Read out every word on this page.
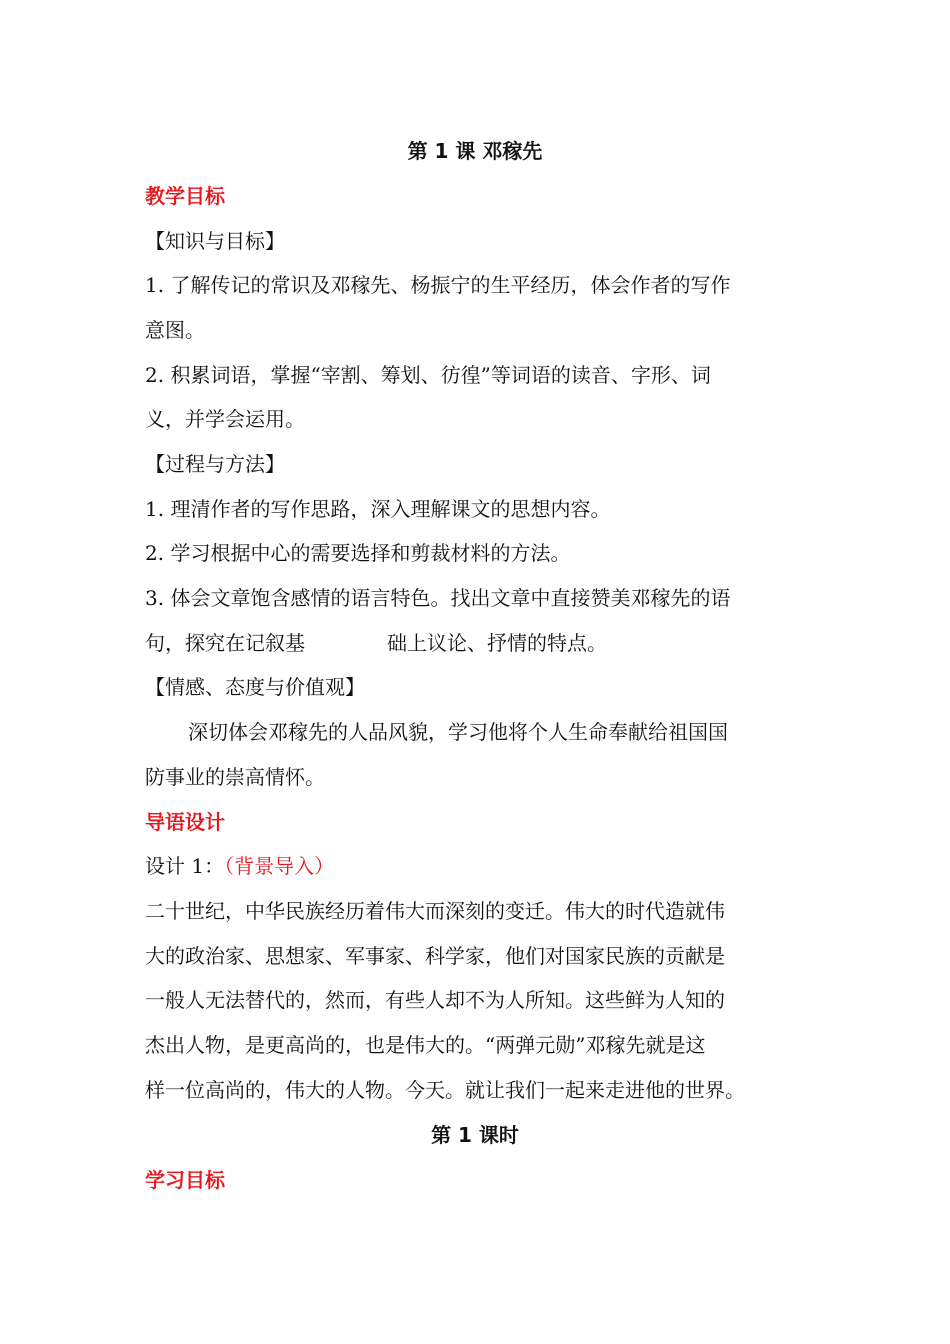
第 1 课 邓稼先
教学目标
【知识与目标】
1. 了解传记的常识及邓稼先、杨振宁的生平经历，体会作者的写作
意图。
2. 积累词语，掌握“宰割、筹划、彷徨”等词语的读音、字形、词
义，并学会运用。
【过程与方法】
1. 理清作者的写作思路，深入理解课文的思想内容。
2. 学习根据中心的需要选择和剪裁材料的方法。
3. 体会文章饱含感情的语言特色。找出文章中直接赞美邓稼先的语
句，探究在记叙基	础上议论、抒情的特点。
【情感、态度与价值观】
深切体会邓稼先的人品风貌，学习他将个人生命奉献给祖国国
防事业的崇高情怀。
导语设计
设计 1：（背景导入）
二十世纪，中华民族经历着伟大而深刻的变迁。伟大的时代造就伟
大的政治家、思想家、军事家、科学家，他们对国家民族的贡献是
一般人无法替代的，然而，有些人却不为人所知。这些鲜为人知的
杰出人物，是更高尚的，也是伟大的。“两弹元勋”邓稼先就是这
样一位高尚的，伟大的人物。今天。就让我们一起来走进他的世界。
第 1 课时
学习目标
